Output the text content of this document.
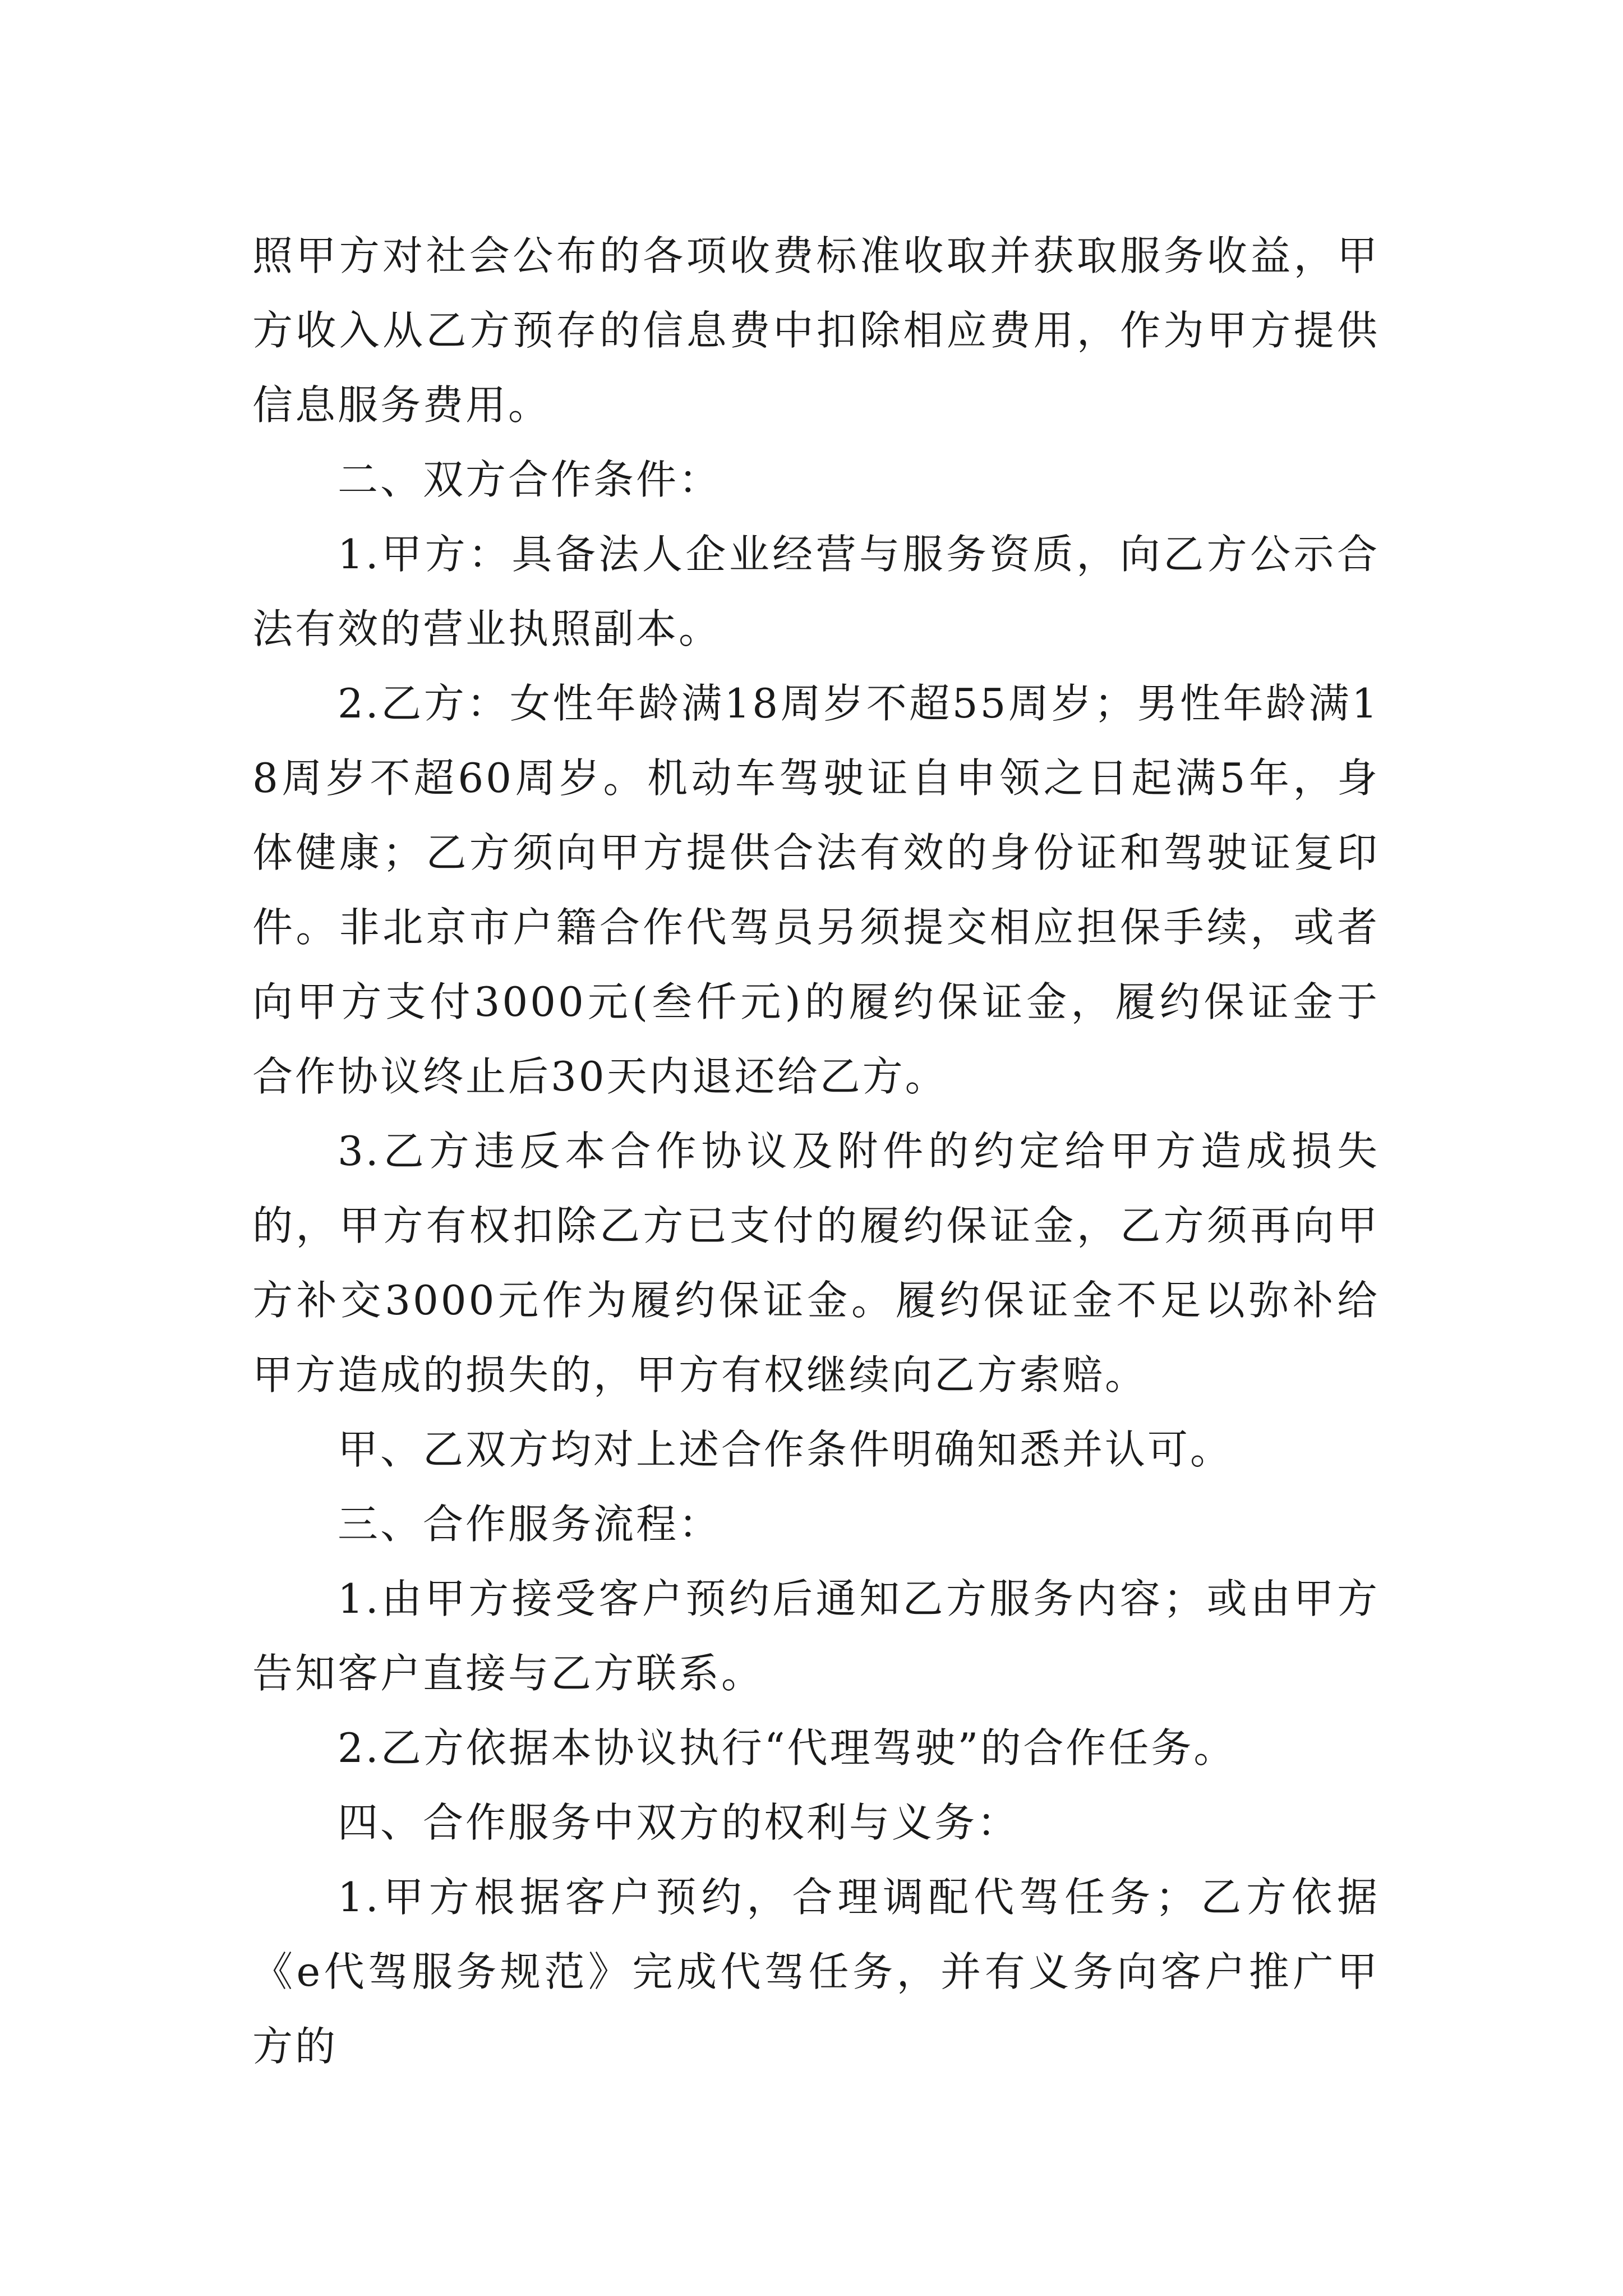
照甲方对社会公布的各项收费标准收取并获取服务收益，甲方收入从乙方预存的信息费中扣除相应费用，作为甲方提供信息服务费用。

二、双方合作条件：

1.甲方：具备法人企业经营与服务资质，向乙方公示合法有效的营业执照副本。

2.乙方：女性年龄满18周岁不超55周岁；男性年龄满18周岁不超60周岁。机动车驾驶证自申领之日起满5年，身体健康；乙方须向甲方提供合法有效的身份证和驾驶证复印件。非北京市户籍合作代驾员另须提交相应担保手续，或者向甲方支付3000元(叁仟元)的履约保证金，履约保证金于合作协议终止后30天内退还给乙方。

3.乙方违反本合作协议及附件的约定给甲方造成损失的，甲方有权扣除乙方已支付的履约保证金，乙方须再向甲方补交3000元作为履约保证金。履约保证金不足以弥补给甲方造成的损失的，甲方有权继续向乙方索赔。

甲、乙双方均对上述合作条件明确知悉并认可。

三、合作服务流程：

1.由甲方接受客户预约后通知乙方服务内容；或由甲方告知客户直接与乙方联系。

2.乙方依据本协议执行“代理驾驶”的合作任务。

四、合作服务中双方的权利与义务：

1.甲方根据客户预约，合理调配代驾任务；乙方依据《e代驾服务规范》完成代驾任务，并有义务向客户推广甲方的
